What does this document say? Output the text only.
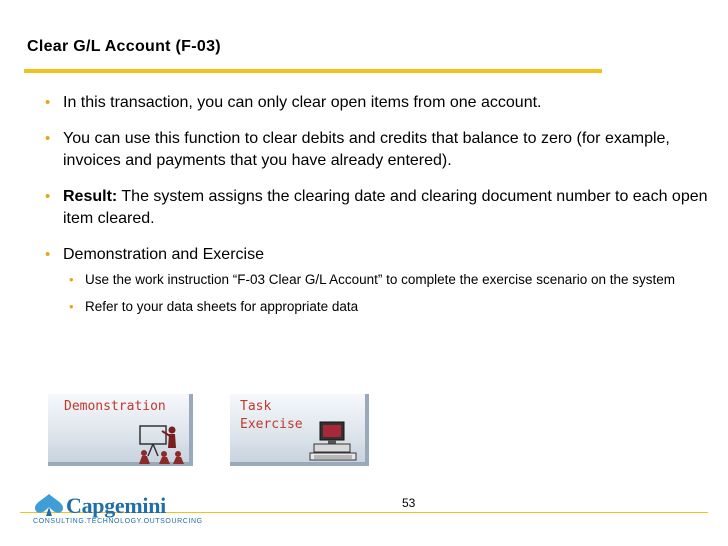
Clear G/L Account (F-03)
• In this transaction, you can only clear open items from one account.
• You can use this function to clear debits and credits that balance to zero (for example, invoices and payments that you have already entered).
• Result: The system assigns the clearing date and clearing document number to each open item cleared.
• Demonstration and Exercise
• Use the work instruction “F-03 Clear G/L Account” to complete the exercise scenario on the system
• Refer to your data sheets for appropriate data
Demonstration	Task
Exercise
53
Capgemini
CONSULTING.TECHNOLOGY.OUTSOURCING
